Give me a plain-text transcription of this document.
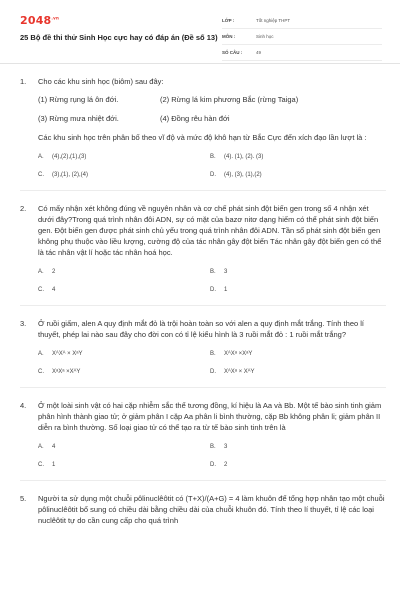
$2048^{.vn}$
25 Bộ đề thi thử Sinh Học cực hay có đáp án (Đề số 13)
LỚP :	Tốt nghiệp THPT
MÔN :	Sinh học
SỐ CÂU :	49
1.	Cho các khu sinh học (biôm) sau đây:
(1) Rừng rụng lá ôn đới.	(2) Rừng lá kim phương Bắc (rừng Taiga)
(3) Rừng mưa nhiệt đới.	(4) Đồng rêu hàn đới
Các khu sinh học trên phân bố theo vĩ độ và mức độ khô hạn từ Bắc Cực đến xích đạo lần lượt là :
A.	(4),(2),(1),(3)	B.	(4). (1), (2). (3)
C.	(3),(1), (2),(4)	D.	(4), (3), (1),(2)
2.	Có mấy nhận xét không đúng về nguyên nhân và cơ chế phát sinh đột biến gen trong số 4 nhận xét dưới đây?Trong quá trình nhân đôi ADN, sự có mặt của bazơ nitơ dạng hiếm có thể phát sinh đột biến gen. Đột biến gen được phát sinh chủ yếu trong quá trình nhân đôi ADN. Tần số phát sinh đột biến gen không phụ thuộc vào liều lượng, cường độ của tác nhân gây đột biến Tác nhân gây đột biến gen có thể là tác nhân vật lí hoặc tác nhân hoá học.
A.	2	B.	3
C.	4	D.	1
3.	Ở ruồi giấm, alen A quy định mắt đỏ là trội hoàn toàn so với alen a quy định mắt trắng. Tính theo lí thuyết, phép lai nào sau đây cho đời con có tỉ lệ kiểu hình là 3 ruồi mắt đỏ : 1 ruồi mắt trắng?
A.	XᴬXᴬ × XᵃY	B.	XᴬXᵃ ×XᵃY
C.	XᵃXᵃ ×XᴬY	D.	XᴬXᵃ × XᴬY
4.	Ở một loài sinh vật có hai cặp nhiễm sắc thể tương đồng, kí hiệu là Aa và Bb. Một tế bào sinh tinh giảm phân hình thành giao tử; ở giảm phân I cặp Aa phân li bình thường, cặp Bb không phân li; giảm phân II diễn ra bình thường. Số loại giao tử có thể tạo ra từ tế bào sinh tinh trên là
A.	4	B.	3
C.	1	D.	2
5.	Người ta sử dụng một chuỗi pôlinuclêôtit có (T+X)/(A+G) = 4 làm khuôn để tổng hợp nhân tạo một chuỗi pôlinuclêôtit bổ sung có chiều dài bằng chiều dài của chuỗi khuôn đó. Tính theo lí thuyết, tỉ lệ các loại nuclêôtit tự do cần cung cấp cho quá trình
